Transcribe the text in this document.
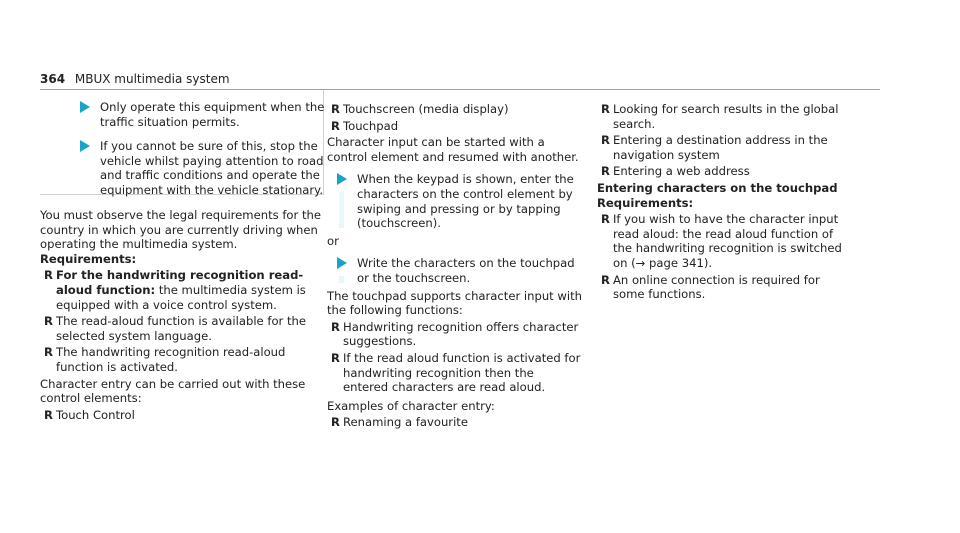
364 MBUX multimedia system
Only operate this equipment when the traffic situation permits.
If you cannot be sure of this, stop the vehicle whilst paying attention to road and traffic conditions and operate the equipment with the vehicle stationary.

You must observe the legal requirements for the country in which you are currently driving when operating the multimedia system.

Requirements:

R For the handwriting recognition read-aloud function: the multimedia system is equipped with a voice control system.
R The read-aloud function is available for the selected system language.
R The handwriting recognition read-aloud function is activated.

Character entry can be carried out with these control elements:

R Touch Control
R Touchscreen (media display)
R Touchpad

Character input can be started with a control element and resumed with another.

When the keypad is shown, enter the characters on the control element by swiping and pressing or by tapping (touchscreen).

or

Write the characters on the touchpad or the touchscreen.

The touchpad supports character input with the following functions:

R Handwriting recognition offers character suggestions.
R If the read aloud function is activated for handwriting recognition then the entered characters are read aloud.

Examples of character entry:

R Renaming a favourite
R Looking for search results in the global search.
R Entering a destination address in the navigation system
R Entering a web address

Entering characters on the touchpad

Requirements:

R If you wish to have the character input read aloud: the read aloud function of the handwriting recognition is switched on (→ page 341).
R An online connection is required for some functions.
